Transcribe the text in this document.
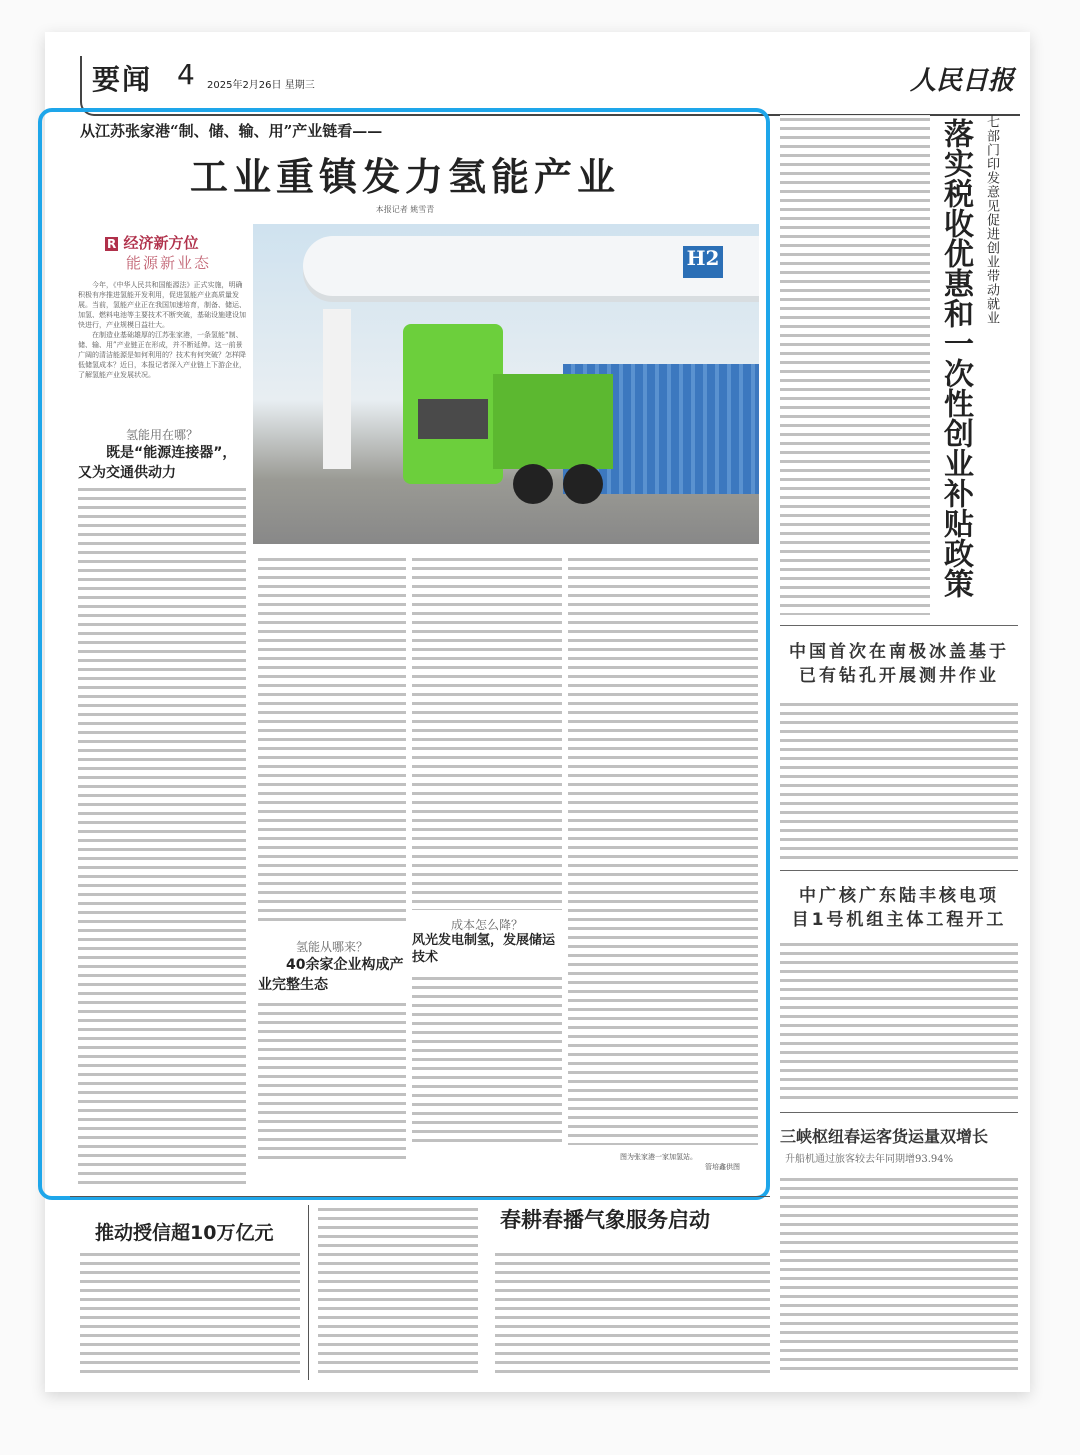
要闻 4 2025年2月26日 星期三	人民日报
从江苏张家港“制、储、输、用”产业链看——
工业重镇发力氢能产业
本报记者 姚雪青
R 经济新方位
能源新业态

今年，《中华人民共和国能源法》正式实施，明确积极有序推进氢能开发利用，促进氢能产业高质量发展。当前，氢能产业正在我国加速培育，制备、储运、加氢、燃料电池等主要技术不断突破，基础设施建设加快进行，产业规模日益壮大。

在制造业基础雄厚的江苏张家港，一条氢能“制、储、输、用”产业链正在形成，并不断延伸。这一前景广阔的清洁能源是如何利用的？技术有何突破？怎样降低储氢成本？近日，本报记者深入产业链上下游企业，了解氢能产业发展状况。

氢能用在哪？
既是“能源连接器”，又为交通供动力
H2
氢能从哪来？
40余家企业构成产业完整生态
成本怎么降？
风光发电制氢，发展储运技术
图为张家港一家加氢站。
管培鑫供图
落实税收优惠和一次性创业补贴政策 七部门印发意见促进创业带动就业
中国首次在南极冰盖基于已有钻孔开展测井作业
中广核广东陆丰核电项目1号机组主体工程开工
三峡枢纽春运客货运量双增长
升船机通过旅客较去年同期增93.94%
推动授信超10万亿元
春耕春播气象服务启动
